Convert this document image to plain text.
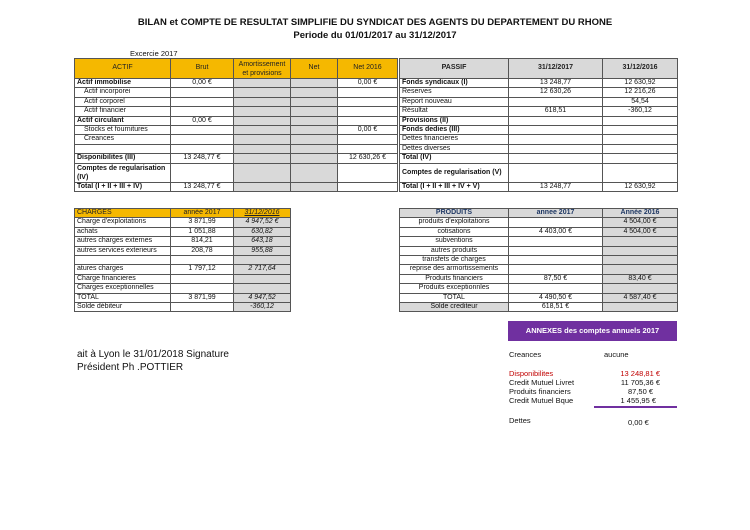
BILAN et COMPTE DE RESULTAT SIMPLIFIE DU SYNDICAT DES AGENTS DU DEPARTEMENT DU RHONE
Periode du 01/01/2017 au 31/12/2017
Excercie 2017
ACTIF	Brut	Amortissement et provisions	Net	Net 2016
Actif immobilise	0,00 €			0,00 €
Actif incorporei				
Actif corporel				
Actif financier				
Actif circulant	0,00 €			
Stocks et fournitures				0,00 €
Creances				

Disponibilites (III)	13 248,77 €			12 630,26 €
Comptes de regularisation (IV)				
Total (I + II + III + IV)	13 248,77 €			
PASSIF	31/12/2017	31/12/2016
Fonds syndicaux (I)	13 248,77	12 630,92
Reserves	12 630,26	12 216,26
Report nouveau		54,54
Résultat	618,51	-360,12
Provisions (II)		
Fonds dedies (III)		
Dettes financieres		
Dettes diverses		
Total (IV)		
Comptes de regularisation (V)		
Total (I + II + III + IV + V)	13 248,77	12 630,92
CHARGES	année 2017	31/12/2016
Charge d'exploitations	3 871,99	4 947,52 €
achats	1 051,88	630,82
autres charges externes	814,21	643,18
autres services exterieurs	208,78	955,88

atures charges	1 797,12	2 717,64
Charge financieres		
Charges exceptionnelles		
TOTAL	3 871,99	4 947,52
Solde débiteur		-360,12
PRODUITS	annee 2017	Année 2016
produits d'exploitations		4 504,00 €
cotisations	4 403,00 €	4 504,00 €
subventions		
autres produits		
transfets de charges		
reprise des armortissements		
Produits financiers	87,50 €	83,40 €
Produits exceptionnles		
TOTAL	4 490,50 €	4 587,40 €
Solde crediteur	618,51 €	
ait à Lyon le 31/01/2018 Signature
Président Ph .POTTIER
ANNEXES des comptes annuels 2017
Creances	aucune
Disponibilites	13 248,81 €
Credit Mutuel Livret	11 705,36 €
Produits financiers	87,50 €
Credit Mutuel Bque	1 455,95 €
Dettes	0,00 €
